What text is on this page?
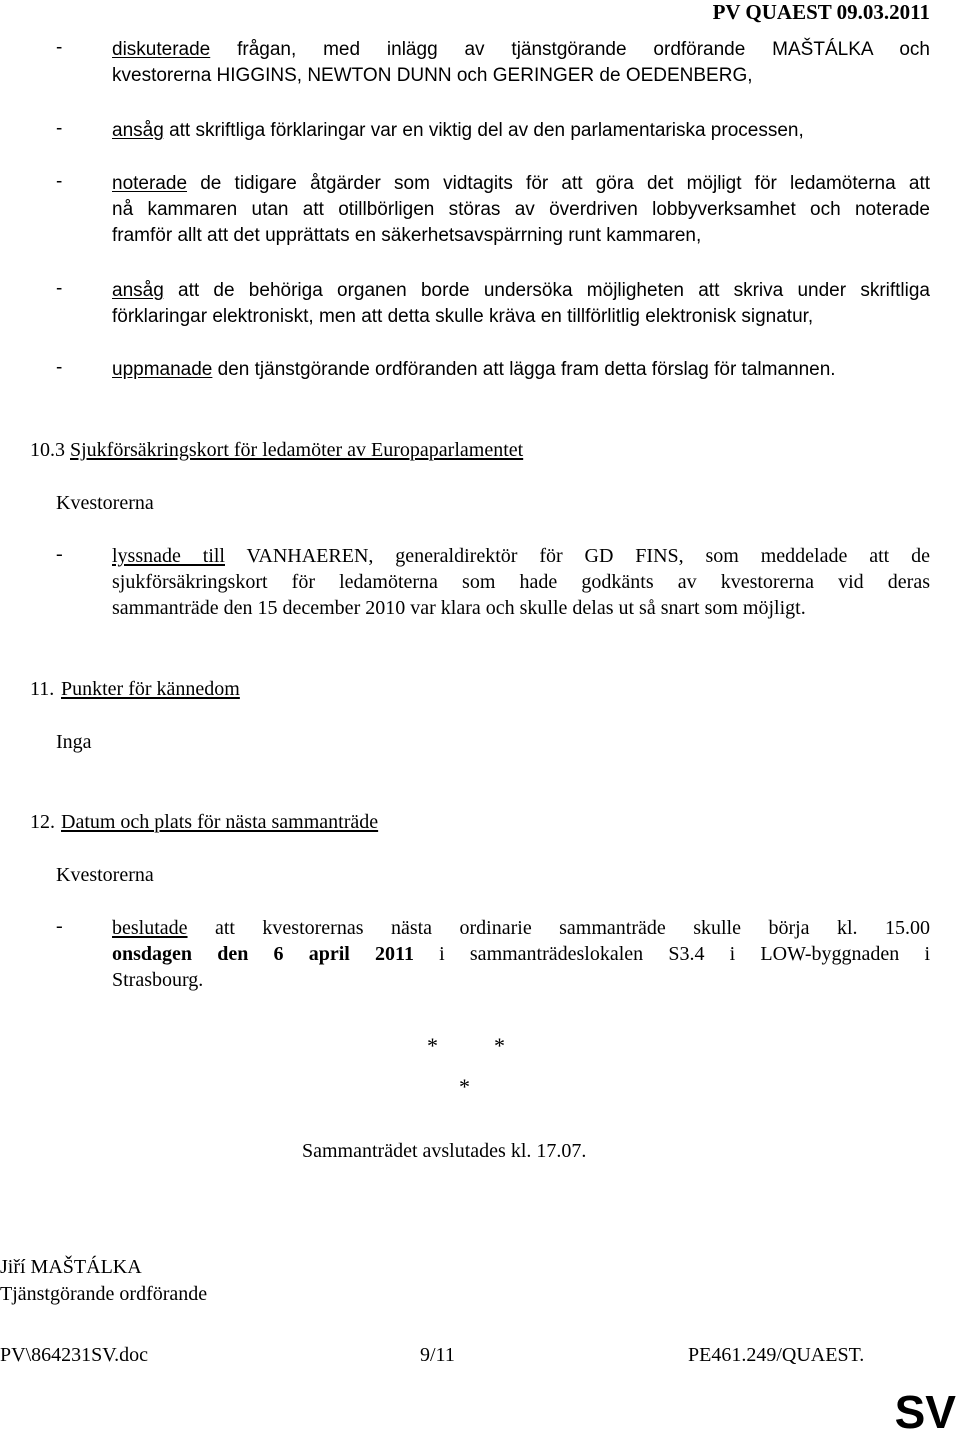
PV QUAEST 09.03.2011
-	diskuterade frågan, med inlägg av tjänstgörande ordförande MAŠTÁLKA och
kvestorerna HIGGINS, NEWTON DUNN och GERINGER de OEDENBERG,
-	ansåg att skriftliga förklaringar var en viktig del av den parlamentariska processen,
-	noterade de tidigare åtgärder som vidtagits för att göra det möjligt för ledamöterna att
nå kammaren utan att otillbörligen störas av överdriven lobbyverksamhet och noterade
framför allt att det upprättats en säkerhetsavspärrning runt kammaren,
-	ansåg att de behöriga organen borde undersöka möjligheten att skriva under skriftliga
förklaringar elektroniskt, men att detta skulle kräva en tillförlitlig elektronisk signatur,
-	uppmanade den tjänstgörande ordföranden att lägga fram detta förslag för talmannen.
10.3 Sjukförsäkringskort för ledamöter av Europaparlamentet
Kvestorerna
- lyssnade till VANHAEREN, generaldirektör för GD FINS, som meddelade att de
sjukförsäkringskort för ledamöterna som hade godkänts av kvestorerna vid deras
sammanträde den 15 december 2010 var klara och skulle delas ut så snart som möjligt.
11. Punkter för kännedom
Inga
12. Datum och plats för nästa sammanträde
Kvestorerna
- beslutade att kvestorernas nästa ordinarie sammanträde skulle börja kl. 15.00
onsdagen den 6 april 2011 i sammanträdeslokalen S3.4 i LOW-byggnaden i
Strasbourg.
*	*
*
Sammanträdet avslutades kl. 17.07.
Jiří MAŠTÁLKA
Tjänstgörande ordförande
PV\864231SV.doc	9/11	PE461.249/QUAEST.
SV
